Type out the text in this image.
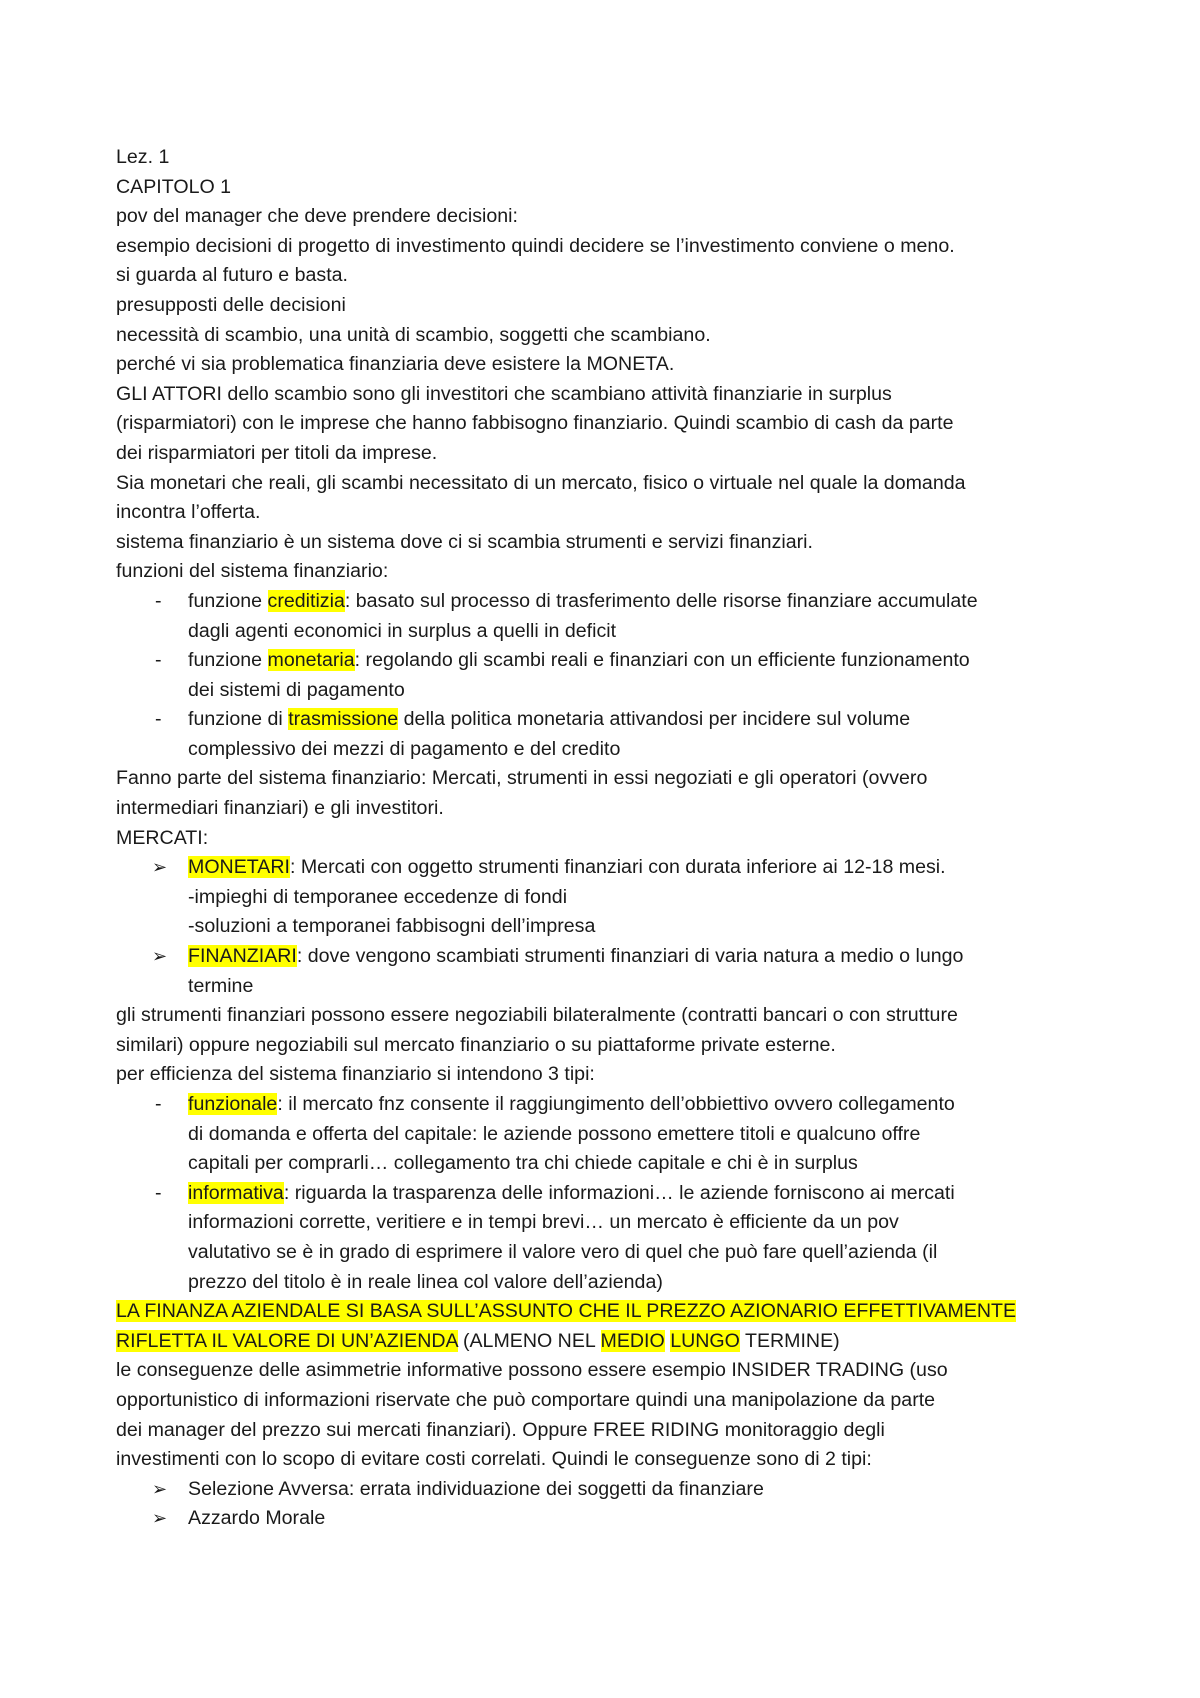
Lez. 1
CAPITOLO 1
pov del manager che deve prendere decisioni:
esempio decisioni di progetto di investimento quindi decidere se l’investimento conviene o meno.
si guarda al futuro e basta.
presupposti delle decisioni
necessità di scambio, una unità di scambio, soggetti che scambiano.
perché vi sia problematica finanziaria deve esistere la MONETA.
GLI ATTORI dello scambio sono gli investitori che scambiano attività finanziarie in surplus
(risparmiatori) con le imprese che hanno fabbisogno finanziario. Quindi scambio di cash da parte
dei risparmiatori per titoli da imprese.
Sia monetari che reali, gli scambi necessitato di un mercato, fisico o virtuale nel quale la domanda
incontra l’offerta.
sistema finanziario è un sistema dove ci si scambia strumenti e servizi finanziari.
funzioni del sistema finanziario:
- funzione creditizia: basato sul processo di trasferimento delle risorse finanziare accumulate
dagli agenti economici in surplus a quelli in deficit
- funzione monetaria: regolando gli scambi reali e finanziari con un efficiente funzionamento
dei sistemi di pagamento
- funzione di trasmissione della politica monetaria attivandosi per incidere sul volume
complessivo dei mezzi di pagamento e del credito
Fanno parte del sistema finanziario: Mercati, strumenti in essi negoziati e gli operatori (ovvero
intermediari finanziari) e gli investitori.
MERCATI:
➢ MONETARI: Mercati con oggetto strumenti finanziari con durata inferiore ai 12-18 mesi.
-impieghi di temporanee eccedenze di fondi
-soluzioni a temporanei fabbisogni dell’impresa
➢ FINANZIARI: dove vengono scambiati strumenti finanziari di varia natura a medio o lungo
termine
gli strumenti finanziari possono essere negoziabili bilateralmente (contratti bancari o con strutture
similari) oppure negoziabili sul mercato finanziario o su piattaforme private esterne.
per efficienza del sistema finanziario si intendono 3 tipi:
- funzionale: il mercato fnz consente il raggiungimento dell’obbiettivo ovvero collegamento
di domanda e offerta del capitale: le aziende possono emettere titoli e qualcuno offre
capitali per comprarli… collegamento tra chi chiede capitale e chi è in surplus
- informativa: riguarda la trasparenza delle informazioni… le aziende forniscono ai mercati
informazioni corrette, veritiere e in tempi brevi… un mercato è efficiente da un pov
valutativo se è in grado di esprimere il valore vero di quel che può fare quell’azienda (il
prezzo del titolo è in reale linea col valore dell’azienda)
LA FINANZA AZIENDALE SI BASA SULL’ASSUNTO CHE IL PREZZO AZIONARIO EFFETTIVAMENTE
RIFLETTA IL VALORE DI UN’AZIENDA (ALMENO NEL MEDIO LUNGO TERMINE)
le conseguenze delle asimmetrie informative possono essere esempio INSIDER TRADING (uso
opportunistico di informazioni riservate che può comportare quindi una manipolazione da parte
dei manager del prezzo sui mercati finanziari). Oppure FREE RIDING monitoraggio degli
investimenti con lo scopo di evitare costi correlati. Quindi le conseguenze sono di 2 tipi:
➢ Selezione Avversa: errata individuazione dei soggetti da finanziare
➢ Azzardo Morale
